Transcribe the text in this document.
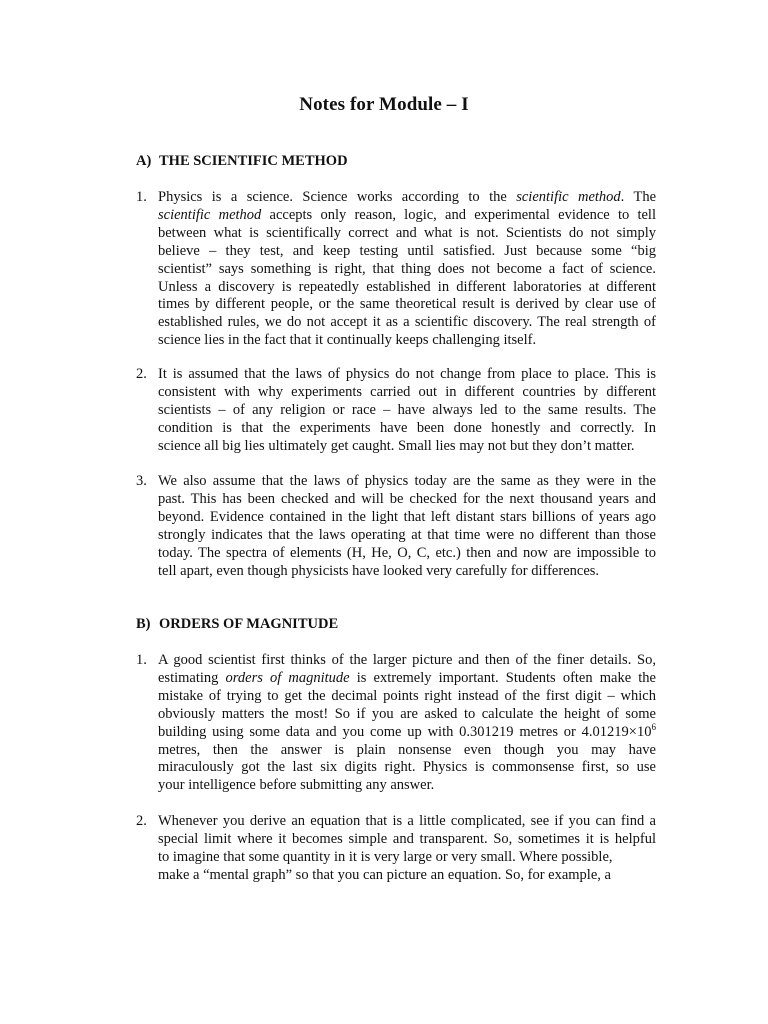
Notes for Module – I
A) THE SCIENTIFIC METHOD
1. Physics is a science. Science works according to the scientific method. The
scientific method accepts only reason, logic, and experimental evidence to tell
between what is scientifically correct and what is not. Scientists do not simply
believe – they test, and keep testing until satisfied. Just because some “big
scientist” says something is right, that thing does not become a fact of science.
Unless a discovery is repeatedly established in different laboratories at different
times by different people, or the same theoretical result is derived by clear use of
established rules, we do not accept it as a scientific discovery. The real strength of
science lies in the fact that it continually keeps challenging itself.
2. It is assumed that the laws of physics do not change from place to place. This is
consistent with why experiments carried out in different countries by different
scientists – of any religion or race – have always led to the same results. The
condition is that the experiments have been done honestly and correctly. In
science all big lies ultimately get caught. Small lies may not but they don’t matter.
3. We also assume that the laws of physics today are the same as they were in the
past. This has been checked and will be checked for the next thousand years and
beyond. Evidence contained in the light that left distant stars billions of years ago
strongly indicates that the laws operating at that time were no different than those
today. The spectra of elements (H, He, O, C, etc.) then and now are impossible to
tell apart, even though physicists have looked very carefully for differences.
B) ORDERS OF MAGNITUDE
1. A good scientist first thinks of the larger picture and then of the finer details. So,
estimating orders of magnitude is extremely important. Students often make the
mistake of trying to get the decimal points right instead of the first digit – which
obviously matters the most! So if you are asked to calculate the height of some
building using some data and you come up with 0.301219 metres or $4.01219\times 10^6$
metres, then the answer is plain nonsense even though you may have
miraculously got the last six digits right. Physics is commonsense first, so use
your intelligence before submitting any answer.
2. Whenever you derive an equation that is a little complicated, see if you can find a
special limit where it becomes simple and transparent. So, sometimes it is helpful
to imagine that some quantity in it is very large or very small. Where possible,
make a “mental graph” so that you can picture an equation. So, for example, a
